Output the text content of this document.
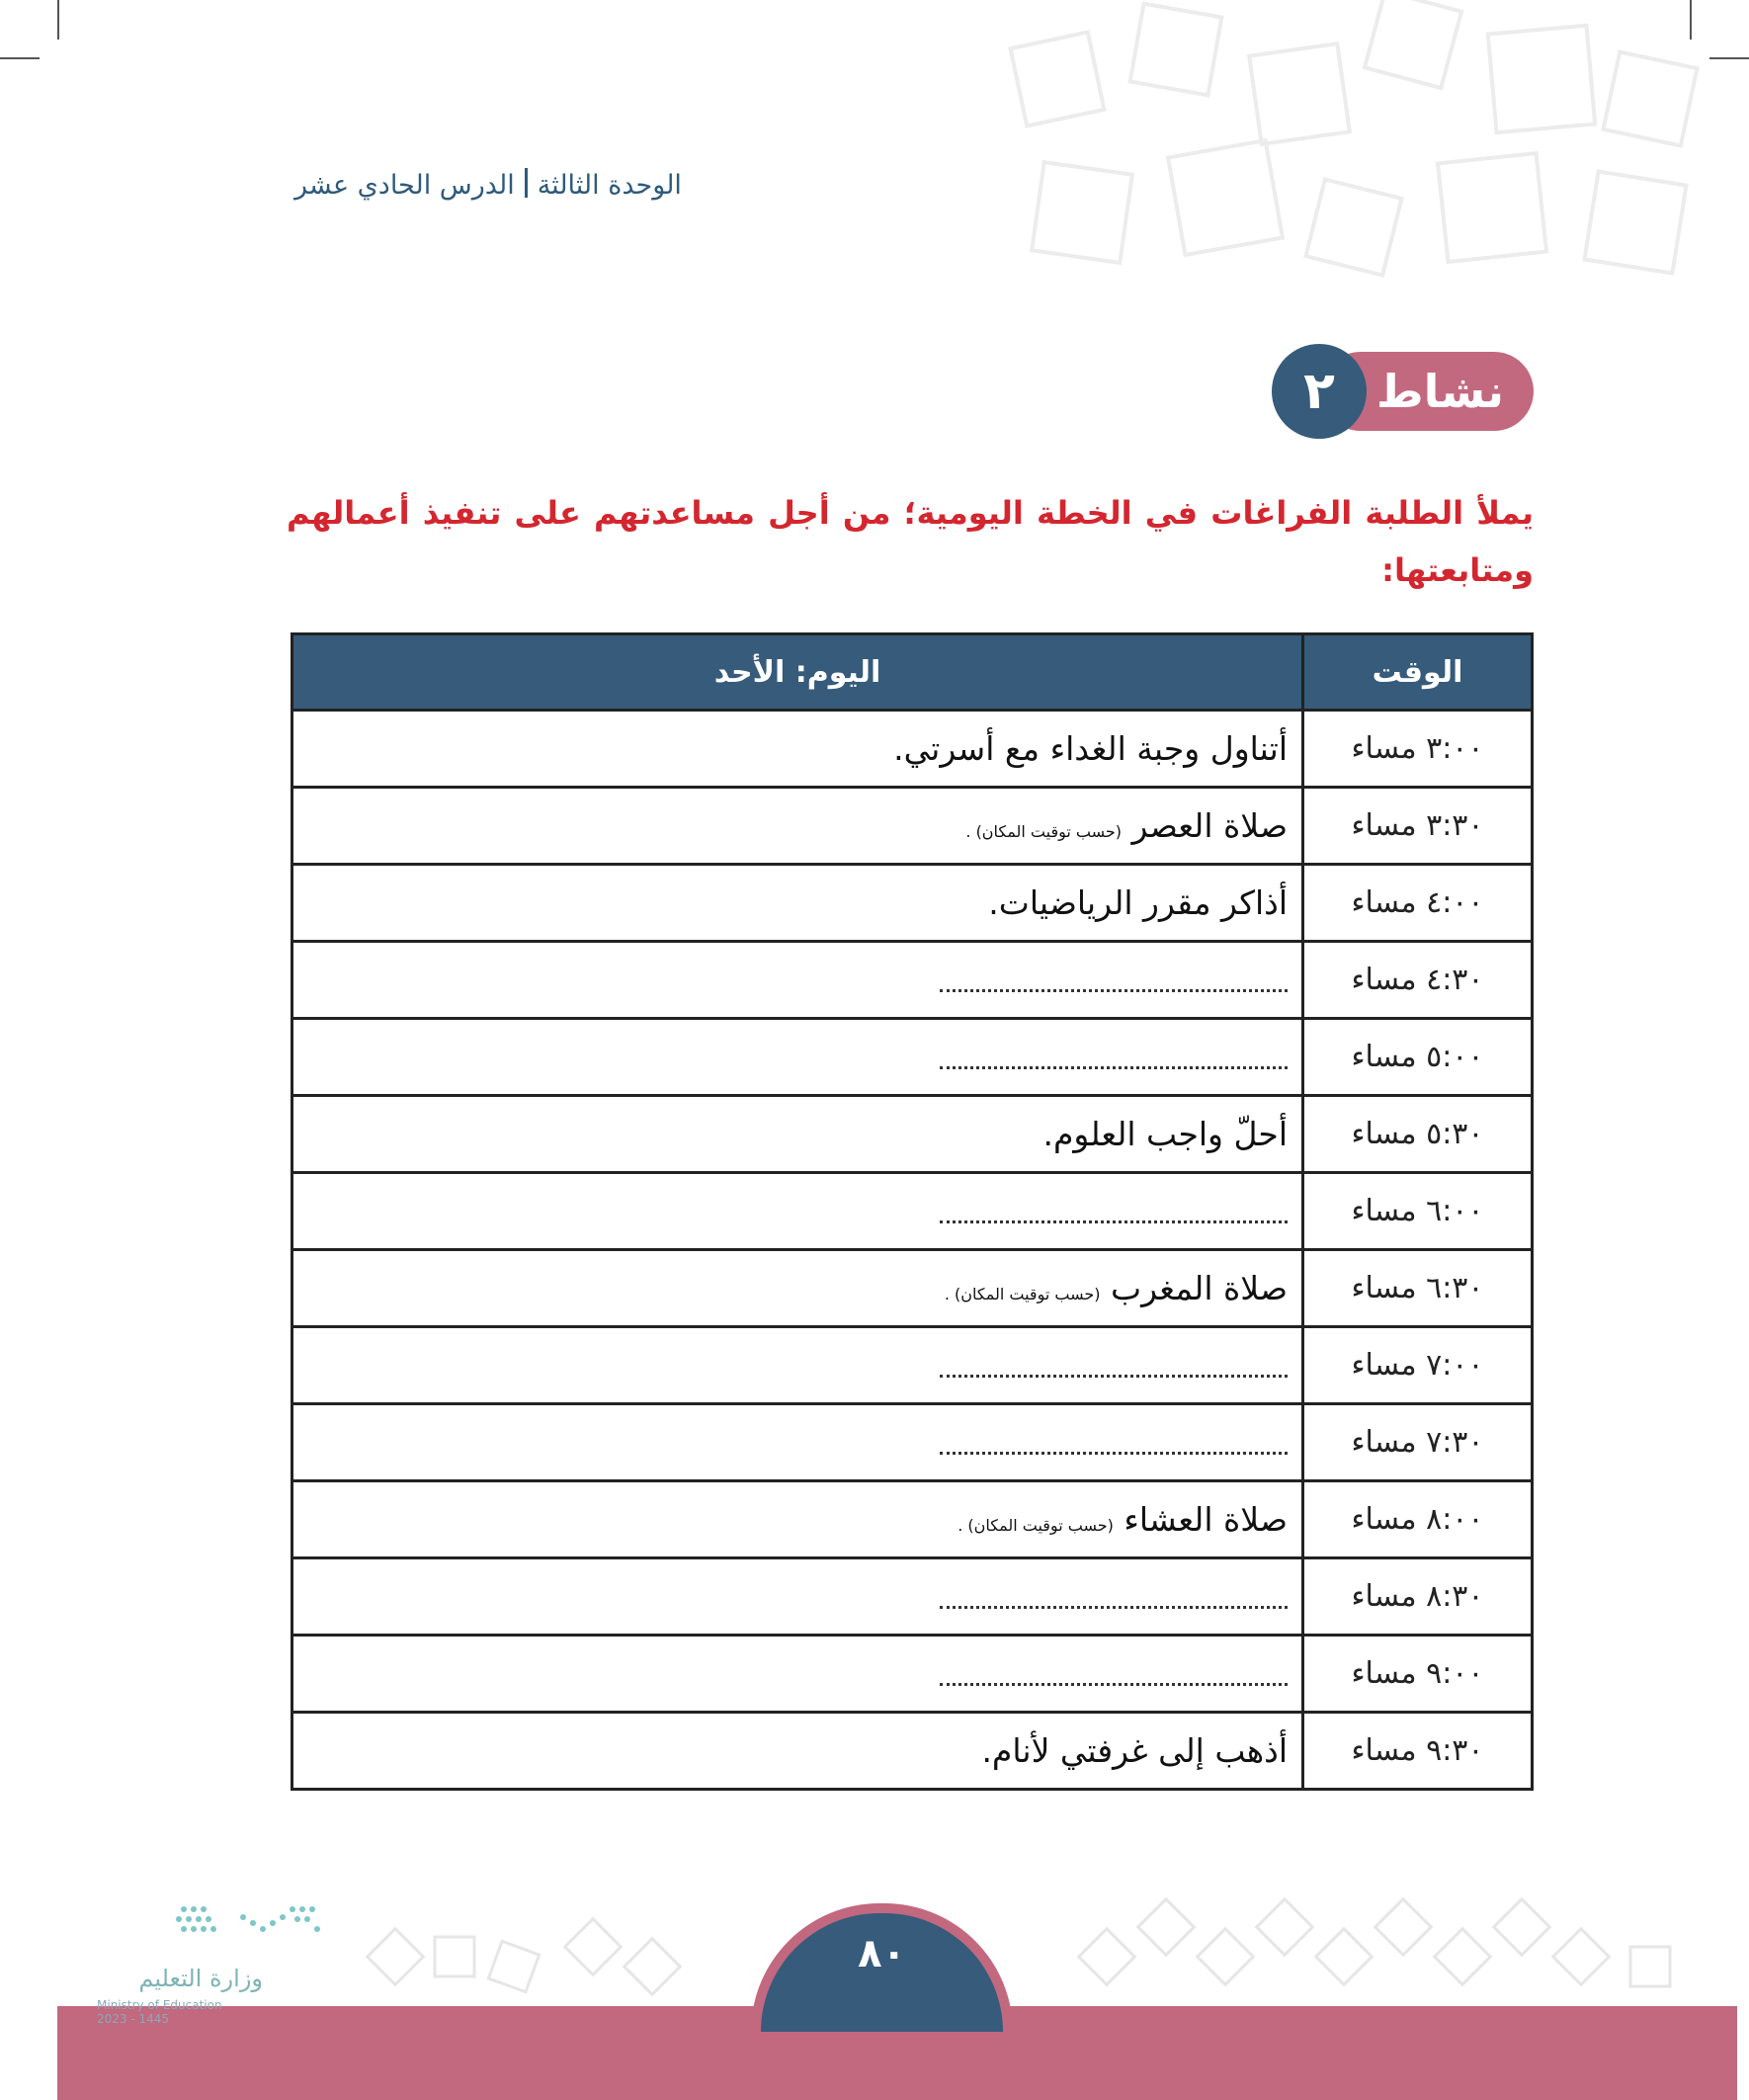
الوحدة الثالثةالدرس الحادي عشر
نشاط
٢
يملأ الطلبة الفراغات في الخطة اليومية؛ من أجل مساعدتهم على تنفيذ أعمالهم ومتابعتها:
الوقت	اليوم: الأحد
٣:٠٠ مساء	أتناول وجبة الغداء مع أسرتي.
٣:٣٠ مساء	صلاة العصر (حسب توقيت المكان) .
٤:٠٠ مساء	أذاكر مقرر الرياضيات.
٤:٣٠ مساء	
٥:٠٠ مساء	
٥:٣٠ مساء	أحلّ واجب العلوم.
٦:٠٠ مساء	
٦:٣٠ مساء	صلاة المغرب (حسب توقيت المكان) .
٧:٠٠ مساء	
٧:٣٠ مساء	
٨:٠٠ مساء	صلاة العشاء (حسب توقيت المكان) .
٨:٣٠ مساء	
٩:٠٠ مساء	
٩:٣٠ مساء	أذهب إلى غرفتي لأنام.
٨٠
وزارة التعليم
Ministry of Education
2023 - 1445
